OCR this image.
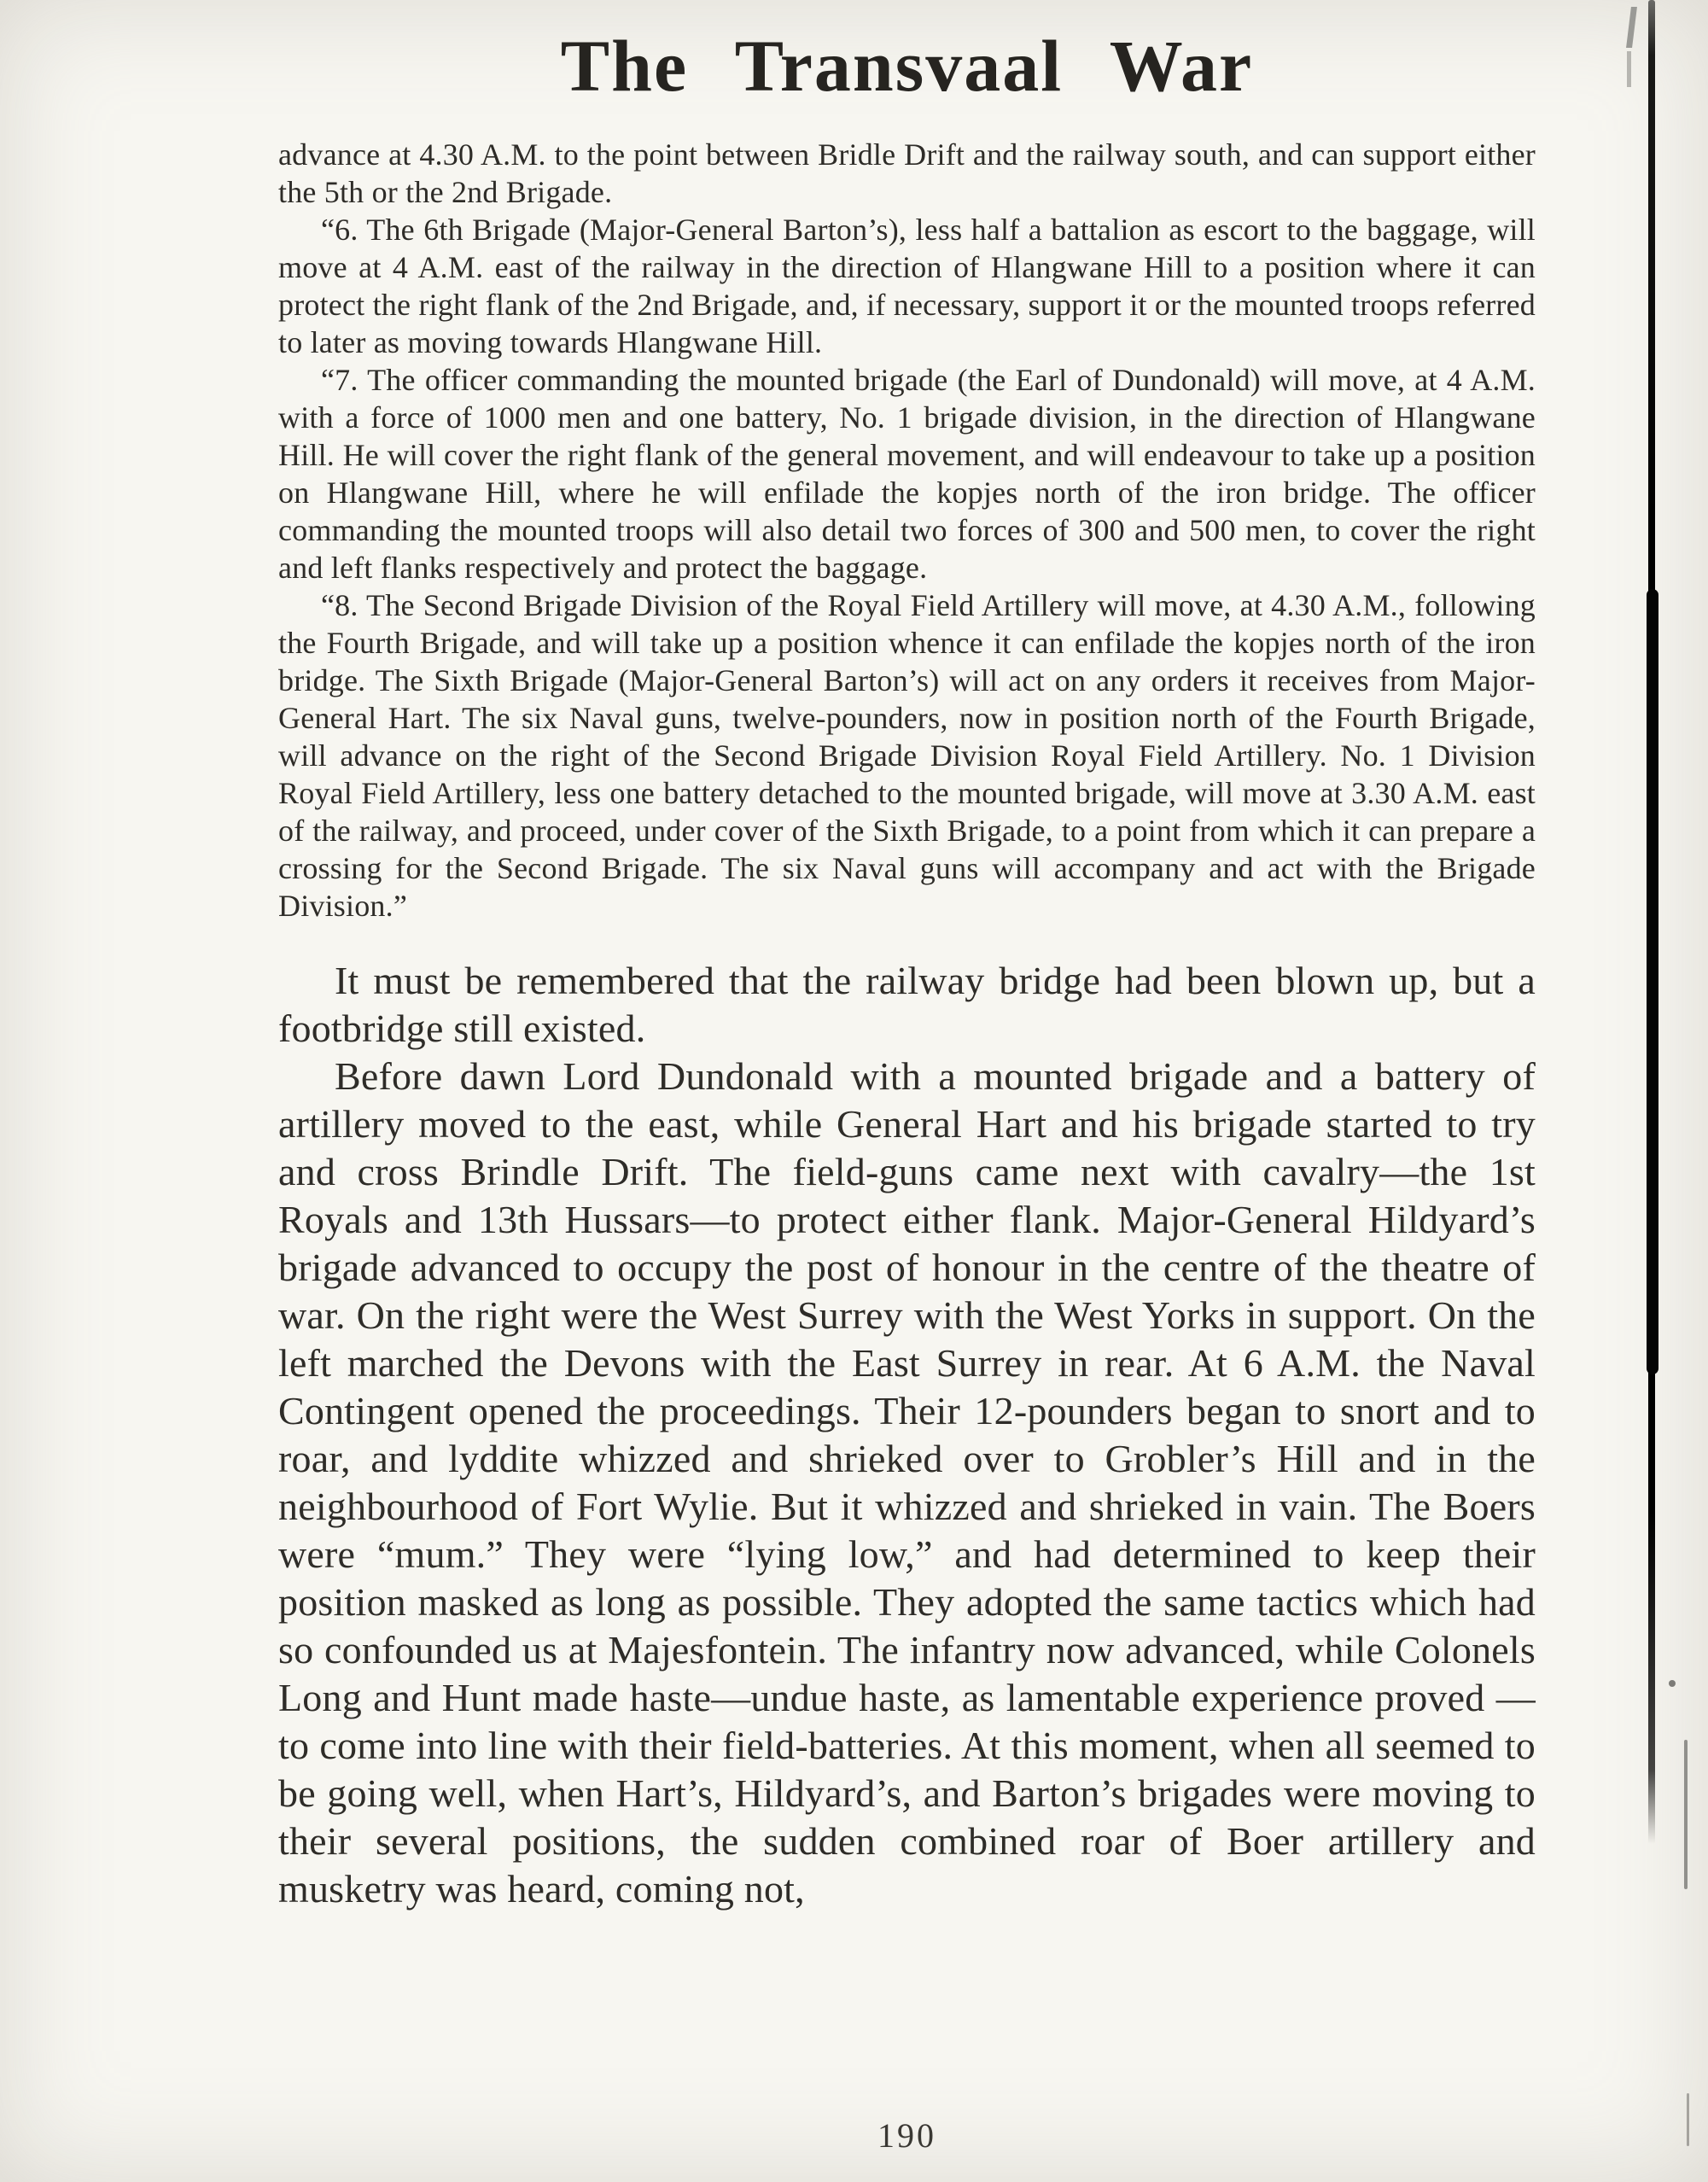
The Transvaal War

advance at 4.30 A.M. to the point between Bridle Drift and the railway south, and can support either the 5th or the 2nd Brigade.

“6. The 6th Brigade (Major-General Barton’s), less half a battalion as escort to the baggage, will move at 4 A.M. east of the railway in the direction of Hlangwane Hill to a position where it can protect the right flank of the 2nd Brigade, and, if necessary, support it or the mounted troops referred to later as moving towards Hlangwane Hill.

“7. The officer commanding the mounted brigade (the Earl of Dundonald) will move, at 4 A.M. with a force of 1000 men and one battery, No. 1 brigade division, in the direction of Hlangwane Hill. He will cover the right flank of the general movement, and will endeavour to take up a position on Hlangwane Hill, where he will enfilade the kopjes north of the iron bridge. The officer commanding the mounted troops will also detail two forces of 300 and 500 men, to cover the right and left flanks respectively and protect the baggage.

“8. The Second Brigade Division of the Royal Field Artillery will move, at 4.30 A.M., following the Fourth Brigade, and will take up a position whence it can enfilade the kopjes north of the iron bridge. The Sixth Brigade (Major-General Barton’s) will act on any orders it receives from Major-General Hart. The six Naval guns, twelve-pounders, now in position north of the Fourth Brigade, will advance on the right of the Second Brigade Division Royal Field Artillery. No. 1 Division Royal Field Artillery, less one battery detached to the mounted brigade, will move at 3.30 A.M. east of the railway, and proceed, under cover of the Sixth Brigade, to a point from which it can prepare a crossing for the Second Brigade. The six Naval guns will accompany and act with the Brigade Division.”

It must be remembered that the railway bridge had been blown up, but a footbridge still existed.

Before dawn Lord Dundonald with a mounted brigade and a battery of artillery moved to the east, while General Hart and his brigade started to try and cross Brindle Drift. The field-guns came next with cavalry—the 1st Royals and 13th Hussars—to protect either flank. Major-General Hildyard’s brigade advanced to occupy the post of honour in the centre of the theatre of war. On the right were the West Surrey with the West Yorks in support. On the left marched the Devons with the East Surrey in rear. At 6 A.M. the Naval Contingent opened the proceedings. Their 12-pounders began to snort and to roar, and lyddite whizzed and shrieked over to Grobler’s Hill and in the neighbourhood of Fort Wylie. But it whizzed and shrieked in vain. The Boers were “mum.” They were “lying low,” and had determined to keep their position masked as long as possible. They adopted the same tactics which had so confounded us at Majesfontein. The infantry now advanced, while Colonels Long and Hunt made haste—undue haste, as lamentable experience proved — to come into line with their field-batteries. At this moment, when all seemed to be going well, when Hart’s, Hildyard’s, and Barton’s brigades were moving to their several positions, the sudden combined roar of Boer artillery and musketry was heard, coming not,

190
